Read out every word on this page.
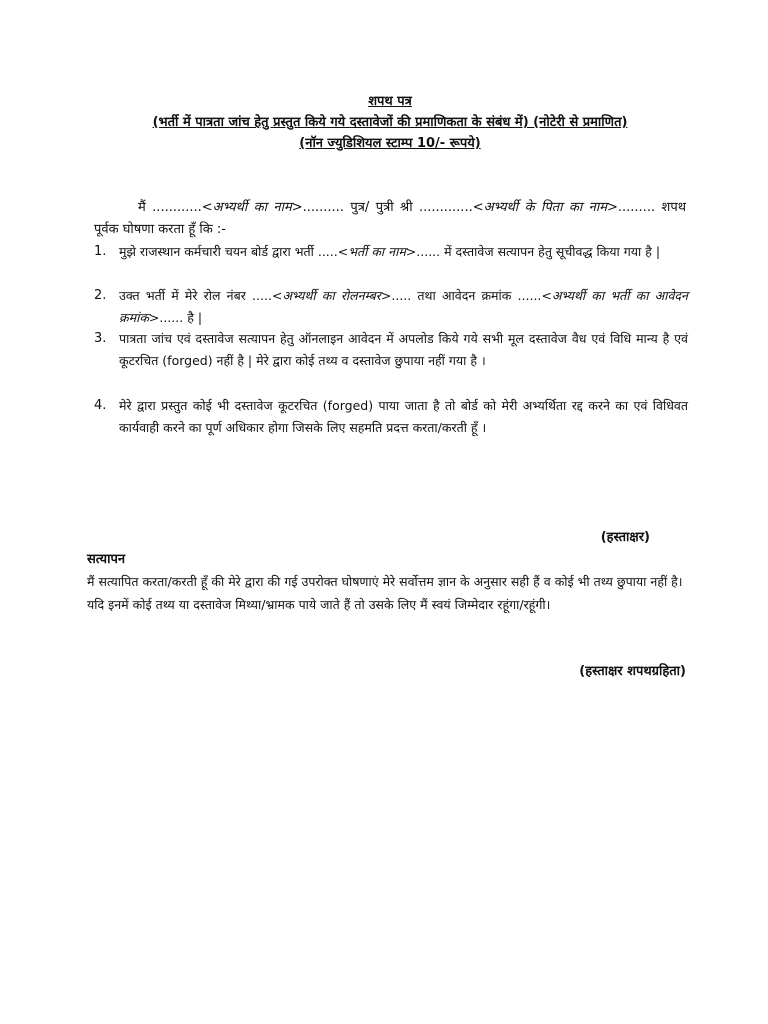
शपथ पत्र
(भर्ती में पात्रता जांच हेतु प्रस्तुत किये गये दस्तावेजों की प्रमाणिकता के संबंध में) (नोटेरी से प्रमाणित)
(नॉन ज्युडिशियल स्टाम्प 10/- रूपये)
मैं ............<अभ्यर्थी का नाम>.......... पुत्र/ पुत्री श्री .............<अभ्यर्थी के पिता का नाम>......... शपथ पूर्वक घोषणा करता हूँ कि :-
1.	मुझे राजस्थान कर्मचारी चयन बोर्ड द्वारा भर्ती .....<भर्ती का नाम>...... में दस्तावेज सत्यापन हेतु सूचीवद्ध किया गया है |
2.	उक्त भर्ती में मेरे रोल नंबर .....<अभ्यर्थी का रोलनम्बर>..... तथा आवेदन क्रमांक ......<अभ्यर्थी का भर्ती का आवेदन क्रमांक>...... है |
3.	पात्रता जांच एवं दस्तावेज सत्यापन हेतु ऑनलाइन आवेदन में अपलोड किये गये सभी मूल दस्तावेज वैध एवं विधि मान्य है एवं कूटरचित (forged) नहीं है | मेरे द्वारा कोई तथ्य व दस्तावेज छुपाया नहीं गया है ।
4.	मेरे द्वारा प्रस्तुत कोई भी दस्तावेज कूटरचित (forged) पाया जाता है तो बोर्ड को मेरी अभ्यर्थिता रद्द करने का एवं विधिवत कार्यवाही करने का पूर्ण अधिकार होगा जिसके लिए सहमति प्रदत्त करता/करती हूँ ।
(हस्ताक्षर)
सत्यापन
मैं सत्यापित करता/करती हूँ की मेरे द्वारा की गई उपरोक्त घोषणाएं मेरे सर्वोत्तम ज्ञान के अनुसार सही हैं व कोई भी तथ्य छुपाया नहीं है। यदि इनमें कोई तथ्य या दस्तावेज मिथ्या/भ्रामक पाये जाते हैं तो उसके लिए मैं स्वयं जिम्मेदार रहूंगा/रहूंगी।
(हस्ताक्षर शपथग्रहिता)
